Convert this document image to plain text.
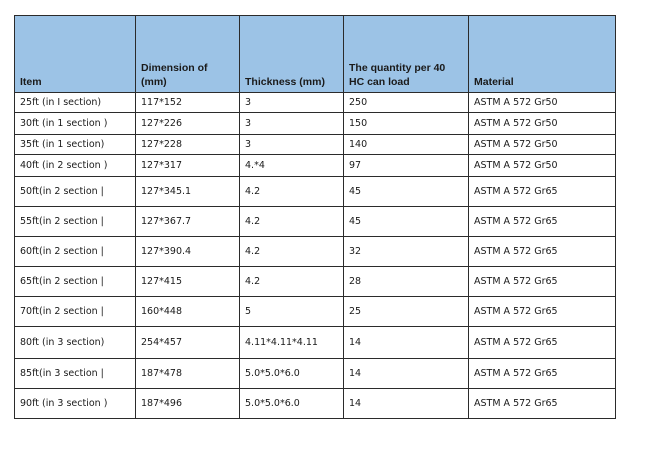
Item	Dimension of (mm)	Thickness (mm)	The quantity per 40 HC can load	Material
25ft (in I section)	117*152	3	250	ASTM A 572 Gr50
30ft (in 1 section )	127*226	3	150	ASTM A 572 Gr50
35ft (in 1 section)	127*228	3	140	ASTM A 572 Gr50
40ft (in 2 section )	127*317	4.*4	97	ASTM A 572 Gr50
50ft(in 2 section |	127*345.1	4.2	45	ASTM A 572 Gr65
55ft(in 2 section |	127*367.7	4.2	45	ASTM A 572 Gr65
60ft(in 2 section |	127*390.4	4.2	32	ASTM A 572 Gr65
65ft(in 2 section |	127*415	4.2	28	ASTM A 572 Gr65
70ft(in 2 section |	160*448	5	25	ASTM A 572 Gr65
80ft (in 3 section)	254*457	4.11*4.11*4.11	14	ASTM A 572 Gr65
85ft(in 3 section |	187*478	5.0*5.0*6.0	14	ASTM A 572 Gr65
90ft (in 3 section )	187*496	5.0*5.0*6.0	14	ASTM A 572 Gr65
